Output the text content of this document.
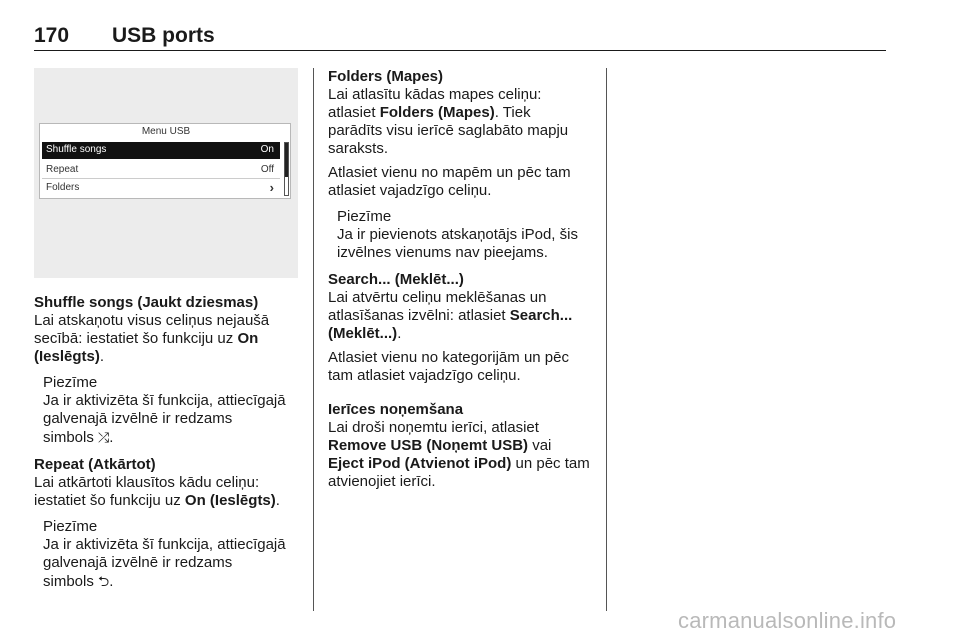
170 USB ports
Menu USB
Shuffle songs	On
Repeat	Off
Folders	›

Shuffle songs (Jaukt dziesmas)

Lai atskaņotu visus celiņus nejaušā

secībā: iestatiet šo funkciju uz On

(Ieslēgts).

Piezīme

Ja ir aktivizēta šī funkcija, attiecīgajā

galvenajā izvēlnē ir redzams

simbols ⤮.

Repeat (Atkārtot)

Lai atkārtoti klausītos kādu celiņu:

iestatiet šo funkciju uz On (Ieslēgts).

Piezīme

Ja ir aktivizēta šī funkcija, attiecīgajā

galvenajā izvēlnē ir redzams

simbols ⮌.

Folders (Mapes)

Lai atlasītu kādas mapes celiņu:

atlasiet Folders (Mapes). Tiek

parādīts visu ierīcē saglabāto mapju

saraksts.

Atlasiet vienu no mapēm un pēc tam

atlasiet vajadzīgo celiņu.

Piezīme

Ja ir pievienots atskaņotājs iPod, šis

izvēlnes vienums nav pieejams.

Search... (Meklēt...)

Lai atvērtu celiņu meklēšanas un

atlasīšanas izvēlni: atlasiet Search...

(Meklēt...).

Atlasiet vienu no kategorijām un pēc

tam atlasiet vajadzīgo celiņu.

Ierīces noņemšana

Lai droši noņemtu ierīci, atlasiet

Remove USB (Noņemt USB) vai

Eject iPod (Atvienot iPod) un pēc tam

atvienojiet ierīci.

carmanualsonline.info
